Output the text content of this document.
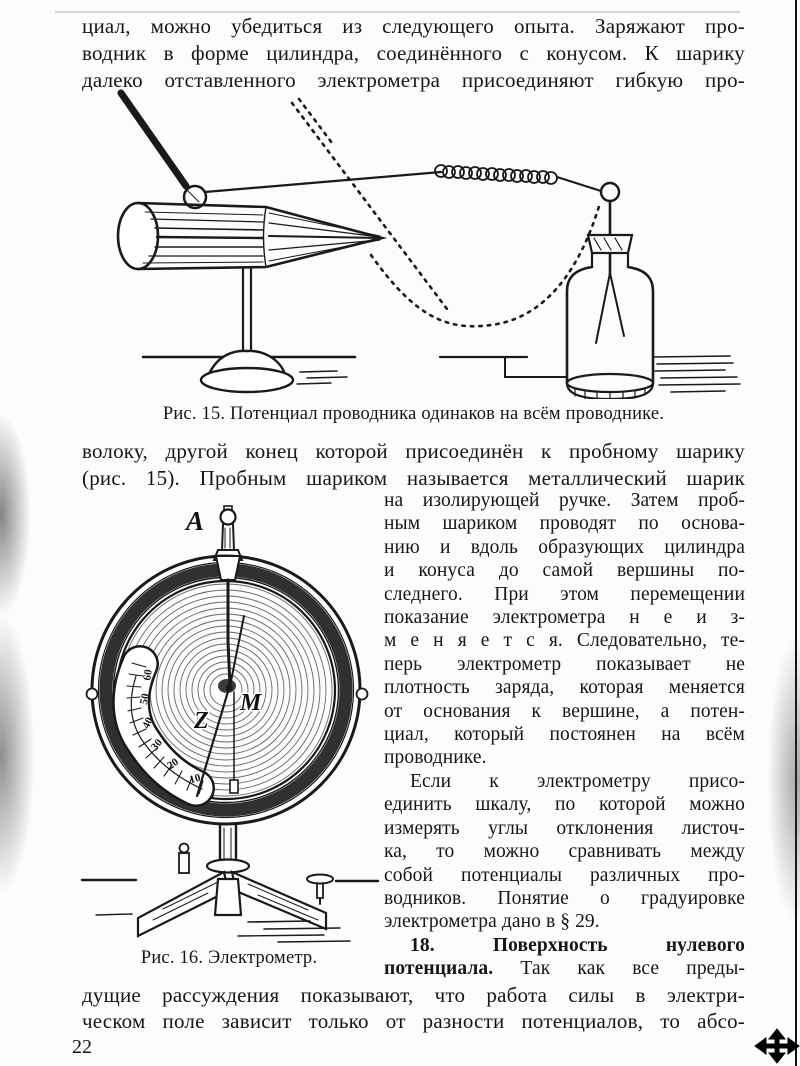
циал, можно убедиться из следующего опыта. Заряжают про-
водник в форме цилиндра, соединённого с конусом. К шарику
далеко отставленного электрометра присоединяют гибкую про-
Рис. 15. Потенциал проводника одинаков на всём проводнике.
волоку, другой конец которой присоединён к пробному шарику
(рис. 15). Пробным шариком называется металлический шарик
60
50
40
30
20
10
A
Z
M
Рис. 16. Электрометр.
на изолирующей ручке. Затем проб-
ным шариком проводят по основа-
нию и вдоль образующих цилиндра
и конуса до самой вершины по-
следнего. При этом перемещении
показание электрометра н е и з-
м е н я е т с я. Следовательно, те-
перь электрометр показывает не
плотность заряда, которая меняется
от основания к вершине, а потен-
циал, который постоянен на всём
проводнике.
Если к электрометру присо-
единить шкалу, по которой можно
измерять углы отклонения листоч-
ка, то можно сравнивать между
собой потенциалы различных про-
водников. Понятие о градуировке
электрометра дано в § 29.
18. Поверхность нулевого
потенциала. Так как все преды-
дущие рассуждения показывают, что работа силы в электри-
ческом поле зависит только от разности потенциалов, то абсо-
22
